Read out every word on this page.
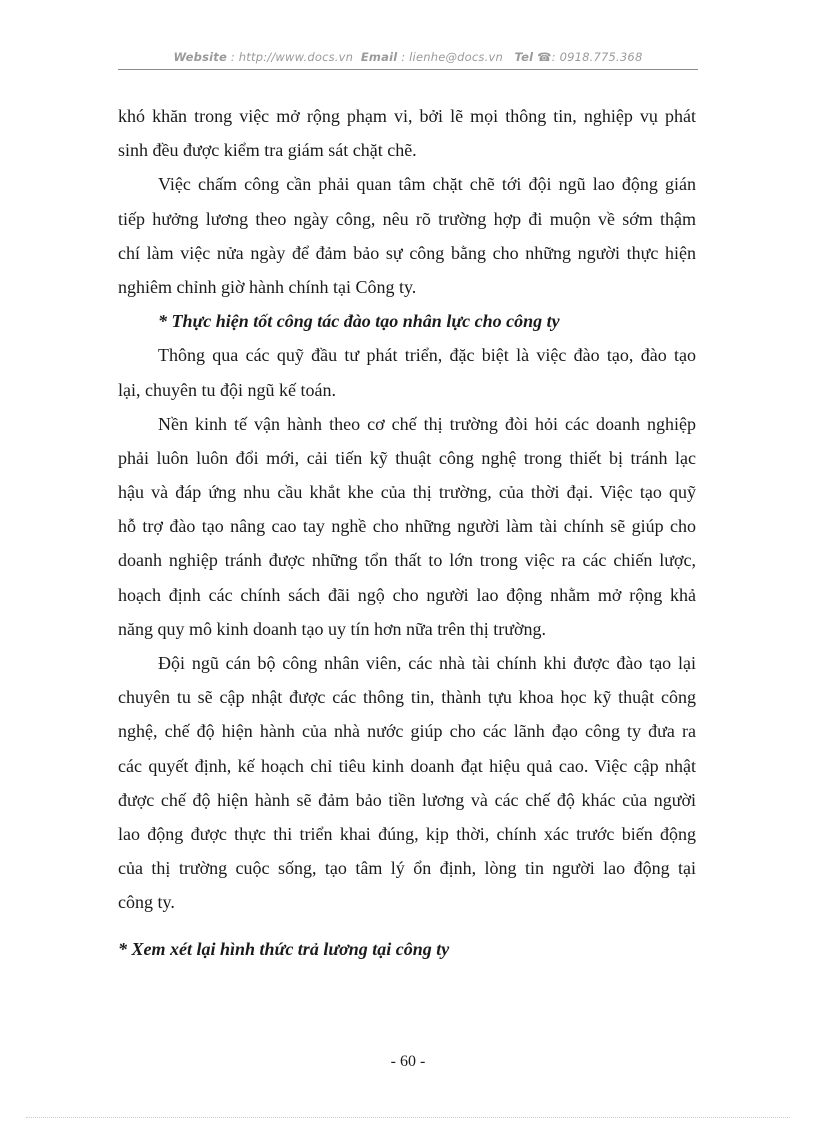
Website : http://www.docs.vn Email : lienhe@docs.vn Tel ☎: 0918.775.368
khó khăn trong việc mở rộng phạm vi, bởi lẽ mọi thông tin, nghiệp vụ phát
sinh đều được kiểm tra giám sát chặt chẽ.
Việc chấm công cần phải quan tâm chặt chẽ tới đội ngũ lao động gián
tiếp hưởng lương theo ngày công, nêu rõ trường hợp đi muộn về sớm thậm
chí làm việc nửa ngày để đảm bảo sự công bằng cho những người thực hiện
nghiêm chỉnh giờ hành chính tại Công ty.
* Thực hiện tốt công tác đào tạo nhân lực cho công ty
Thông qua các quỹ đầu tư phát triển, đặc biệt là việc đào tạo, đào tạo
lại, chuyên tu đội ngũ kế toán.
Nền kinh tế vận hành theo cơ chế thị trường đòi hỏi các doanh nghiệp
phải luôn luôn đổi mới, cải tiến kỹ thuật công nghệ trong thiết bị tránh lạc
hậu và đáp ứng nhu cầu khắt khe của thị trường, của thời đại. Việc tạo quỹ
hỗ trợ đào tạo nâng cao tay nghề cho những người làm tài chính sẽ giúp cho
doanh nghiệp tránh được những tổn thất to lớn trong việc ra các chiến lược,
hoạch định các chính sách đãi ngộ cho người lao động nhằm mở rộng khả
năng quy mô kinh doanh tạo uy tín hơn nữa trên thị trường.
Đội ngũ cán bộ công nhân viên, các nhà tài chính khi được đào tạo lại
chuyên tu sẽ cập nhật được các thông tin, thành tựu khoa học kỹ thuật công
nghệ, chế độ hiện hành của nhà nước giúp cho các lãnh đạo công ty đưa ra
các quyết định, kế hoạch chỉ tiêu kinh doanh đạt hiệu quả cao. Việc cập nhật
được chế độ hiện hành sẽ đảm bảo tiền lương và các chế độ khác của người
lao động được thực thi triển khai đúng, kịp thời, chính xác trước biến động
của thị trường cuộc sống, tạo tâm lý ổn định, lòng tin người lao động tại
công ty.
* Xem xét lại hình thức trả lương tại công ty
- 60 -
